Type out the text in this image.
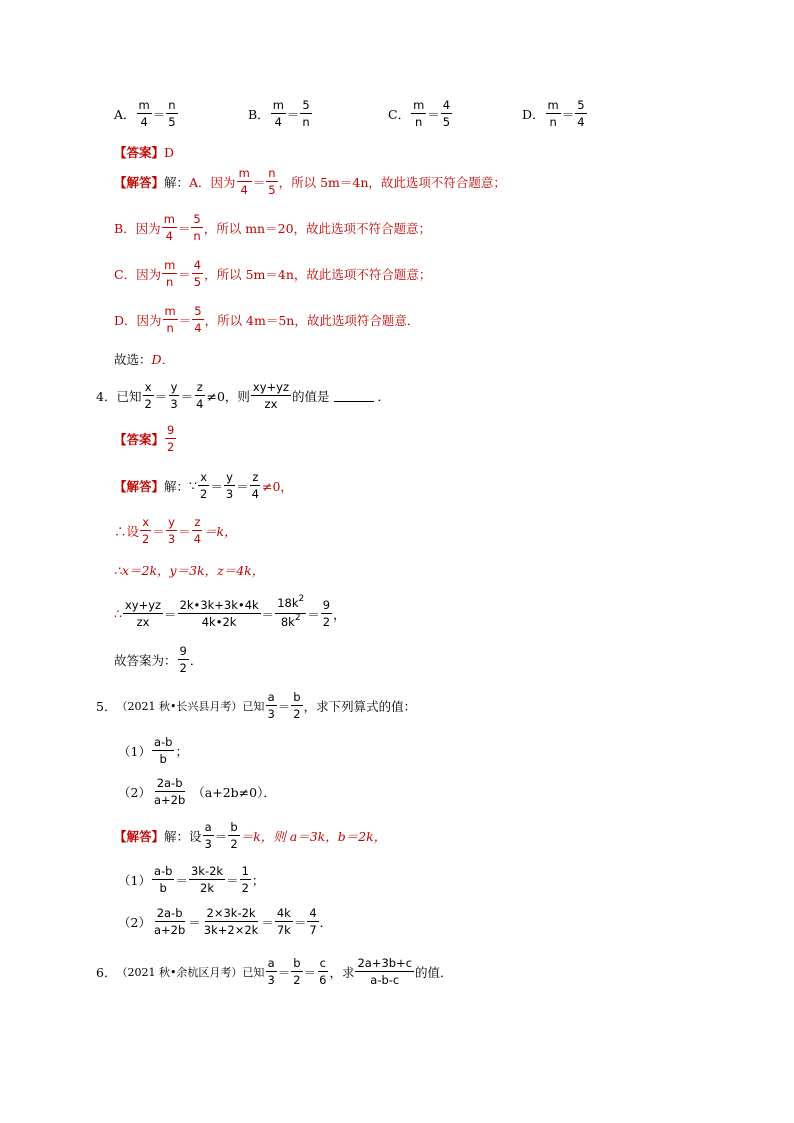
A．
m
4
＝
n
5
B．
m
4
＝
5
n
C．
m
n
＝
4
5
D．
m
n
＝
5
4
【答案】 D
【解答】 解： A．因为
m
4
＝
n
5
，所以 5m＝4n，故此选项不符合题意；
B．因为
m
4
＝
5
n
，所以 mn＝20，故此选项不符合题意；
C．因为
m
n
＝
4
5
，所以 5m＝4n，故此选项不符合题意；
D．因为
m
n
＝
5
4
，所以 4m＝5n，故此选项符合题意．
故选： D．
4． 已知
x
2
＝
y
3
＝
z
4
≠0，则
xy+yz
zx
的值是	．
【答案】
9
2
【解答】 解： ∵
x
2
＝
y
3
＝
z
4
≠0，
∴设
x
2
＝
y
3
＝
z
4
＝k，
∴x＝2k，y＝3k，z＝4k，
∴
xy+yz
zx
＝
2k•3k+3k•4k
4k•2k
＝
$18k^2$
$8k^2$ ＝
9
2
，
故答案为：
9
2
．
5． （2021 秋•长兴县月考）已知
a
3
＝
b
2
，求下列算式的值：
（1）
a-b
b
；
（2）
2a-b
a+2b
（a+2b≠0）．
【解答】 解：设
a
3
＝
b
2
＝k，则 a＝3k，b＝2k，
（1）
a-b
b
＝
3k-2k
2k
＝
1
2
；
（2）
2a-b
a+2b
＝
2×3k-2k
3k+2×2k
＝
4k
7k
＝
4
7
．
6． （2021 秋•余杭区月考）已知
a
3
＝
b
2
＝
c
6
，求
2a+3b+c
a-b-c
的值．
